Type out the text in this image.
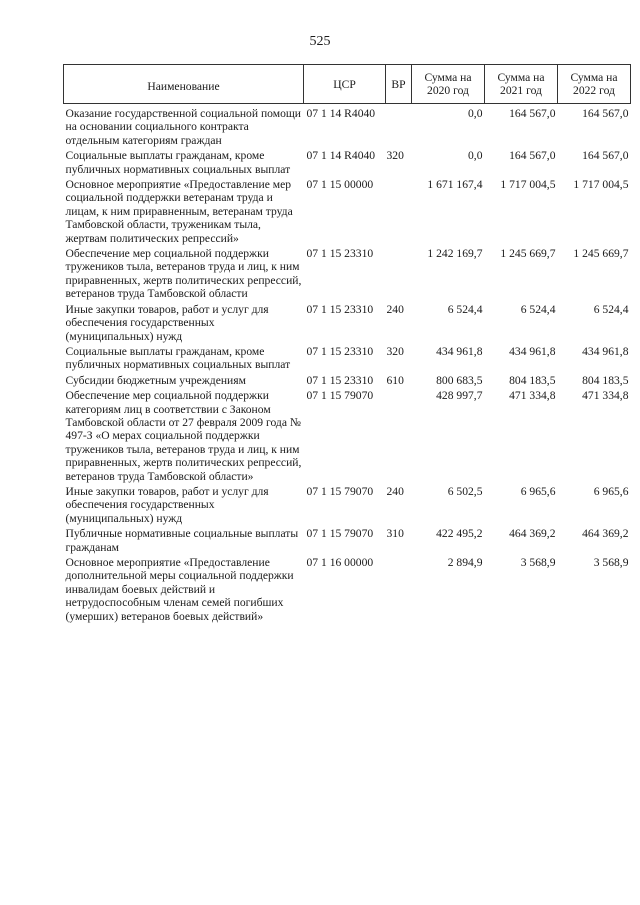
525
Наименование	ЦСР	ВР	Сумма на 2020 год	Сумма на 2021 год	Сумма на 2022 год
Оказание государственной социальной помощи на основании социального контракта отдельным категориям граждан	07 1 14 R4040		0,0	164 567,0	164 567,0
Социальные выплаты гражданам, кроме публичных нормативных социальных выплат	07 1 14 R4040	320	0,0	164 567,0	164 567,0
Основное мероприятие «Предоставление мер социальной поддержки ветеранам труда и лицам, к ним приравненным, ветеранам труда Тамбовской области, труженикам тыла, жертвам политических репрессий»	07 1 15 00000		1 671 167,4	1 717 004,5	1 717 004,5
Обеспечение мер социальной поддержки тружеников тыла, ветеранов труда и лиц, к ним приравненных, жертв политических репрессий, ветеранов труда Тамбовской области	07 1 15 23310		1 242 169,7	1 245 669,7	1 245 669,7
Иные закупки товаров, работ и услуг для обеспечения государственных (муниципальных) нужд	07 1 15 23310	240	6 524,4	6 524,4	6 524,4
Социальные выплаты гражданам, кроме публичных нормативных социальных выплат	07 1 15 23310	320	434 961,8	434 961,8	434 961,8
Субсидии бюджетным учреждениям	07 1 15 23310	610	800 683,5	804 183,5	804 183,5
Обеспечение мер социальной поддержки категориям лиц в соответствии с Законом Тамбовской области от 27 февраля 2009 года № 497-З «О мерах социальной поддержки тружеников тыла, ветеранов труда и лиц, к ним приравненных, жертв политических репрессий, ветеранов труда Тамбовской области»	07 1 15 79070		428 997,7	471 334,8	471 334,8
Иные закупки товаров, работ и услуг для обеспечения государственных (муниципальных) нужд	07 1 15 79070	240	6 502,5	6 965,6	6 965,6
Публичные нормативные социальные выплаты гражданам	07 1 15 79070	310	422 495,2	464 369,2	464 369,2
Основное мероприятие «Предоставление дополнительной меры социальной поддержки инвалидам боевых действий и нетрудоспособным членам семей погибших (умерших) ветеранов боевых действий»	07 1 16 00000		2 894,9	3 568,9	3 568,9
